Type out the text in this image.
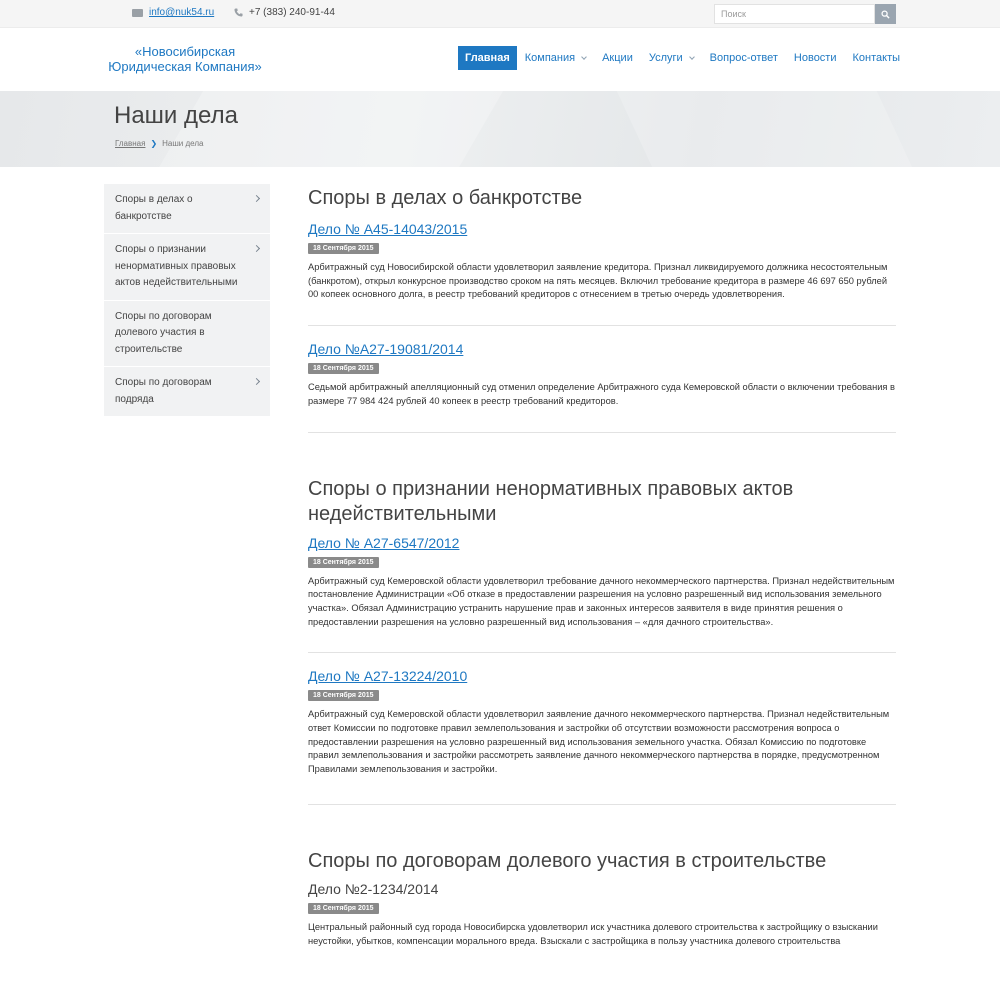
info@nuk54.ru	+7 (383) 240-91-44
Поиск
«Новосибирская
Юридическая Компания»
Главная Компания Акции Услуги Вопрос-ответ Новости Контакты
Наши дела
Главная ❯ Наши дела
Споры в делах о банкротстве
Споры о признании ненормативных правовых актов недействительными
Споры по договорам долевого участия в строительстве
Споры по договорам подряда
Споры в делах о банкротстве
Дело № А45-14043/2015
18 Сентября 2015

Арбитражный суд Новосибирской области удовлетворил заявление кредитора. Признал ликвидируемого должника несостоятельным (банкротом), открыл конкурсное производство сроком на пять месяцев. Включил требование кредитора в размере 46 697 650 рублей 00 копеек основного долга, в реестр требований кредиторов с отнесением в третью очередь удовлетворения.

Дело №А27-19081/2014
18 Сентября 2015

Седьмой арбитражный апелляционный суд отменил определение Арбитражного суда Кемеровской области о включении требования в размере 77 984 424 рублей 40 копеек в реестр требований кредиторов.

Споры о признании ненормативных правовых актов недействительными
Дело № А27-6547/2012
18 Сентября 2015

Арбитражный суд Кемеровской области удовлетворил требование дачного некоммерческого партнерства. Признал недействительным постановление Администрации «Об отказе в предоставлении разрешения на условно разрешенный вид использования земельного участка». Обязал Администрацию устранить нарушение прав и законных интересов заявителя в виде принятия решения о предоставлении разрешения на условно разрешенный вид использования – «для дачного строительства».

Дело № А27-13224/2010
18 Сентября 2015

Арбитражный суд Кемеровской области удовлетворил заявление дачного некоммерческого партнерства. Признал недействительным ответ Комиссии по подготовке правил землепользования и застройки об отсутствии возможности рассмотрения вопроса о предоставлении разрешения на условно разрешенный вид использования земельного участка. Обязал Комиссию по подготовке правил землепользования и застройки рассмотреть заявление дачного некоммерческого партнерства в порядке, предусмотренном Правилами землепользования и застройки.

Споры по договорам долевого участия в строительстве
Дело №2-1234/2014
18 Сентября 2015

Центральный районный суд города Новосибирска удовлетворил иск участника долевого строительства к застройщику о взыскании неустойки, убытков, компенсации морального вреда. Взыскали с застройщика в пользу участника долевого строительства
